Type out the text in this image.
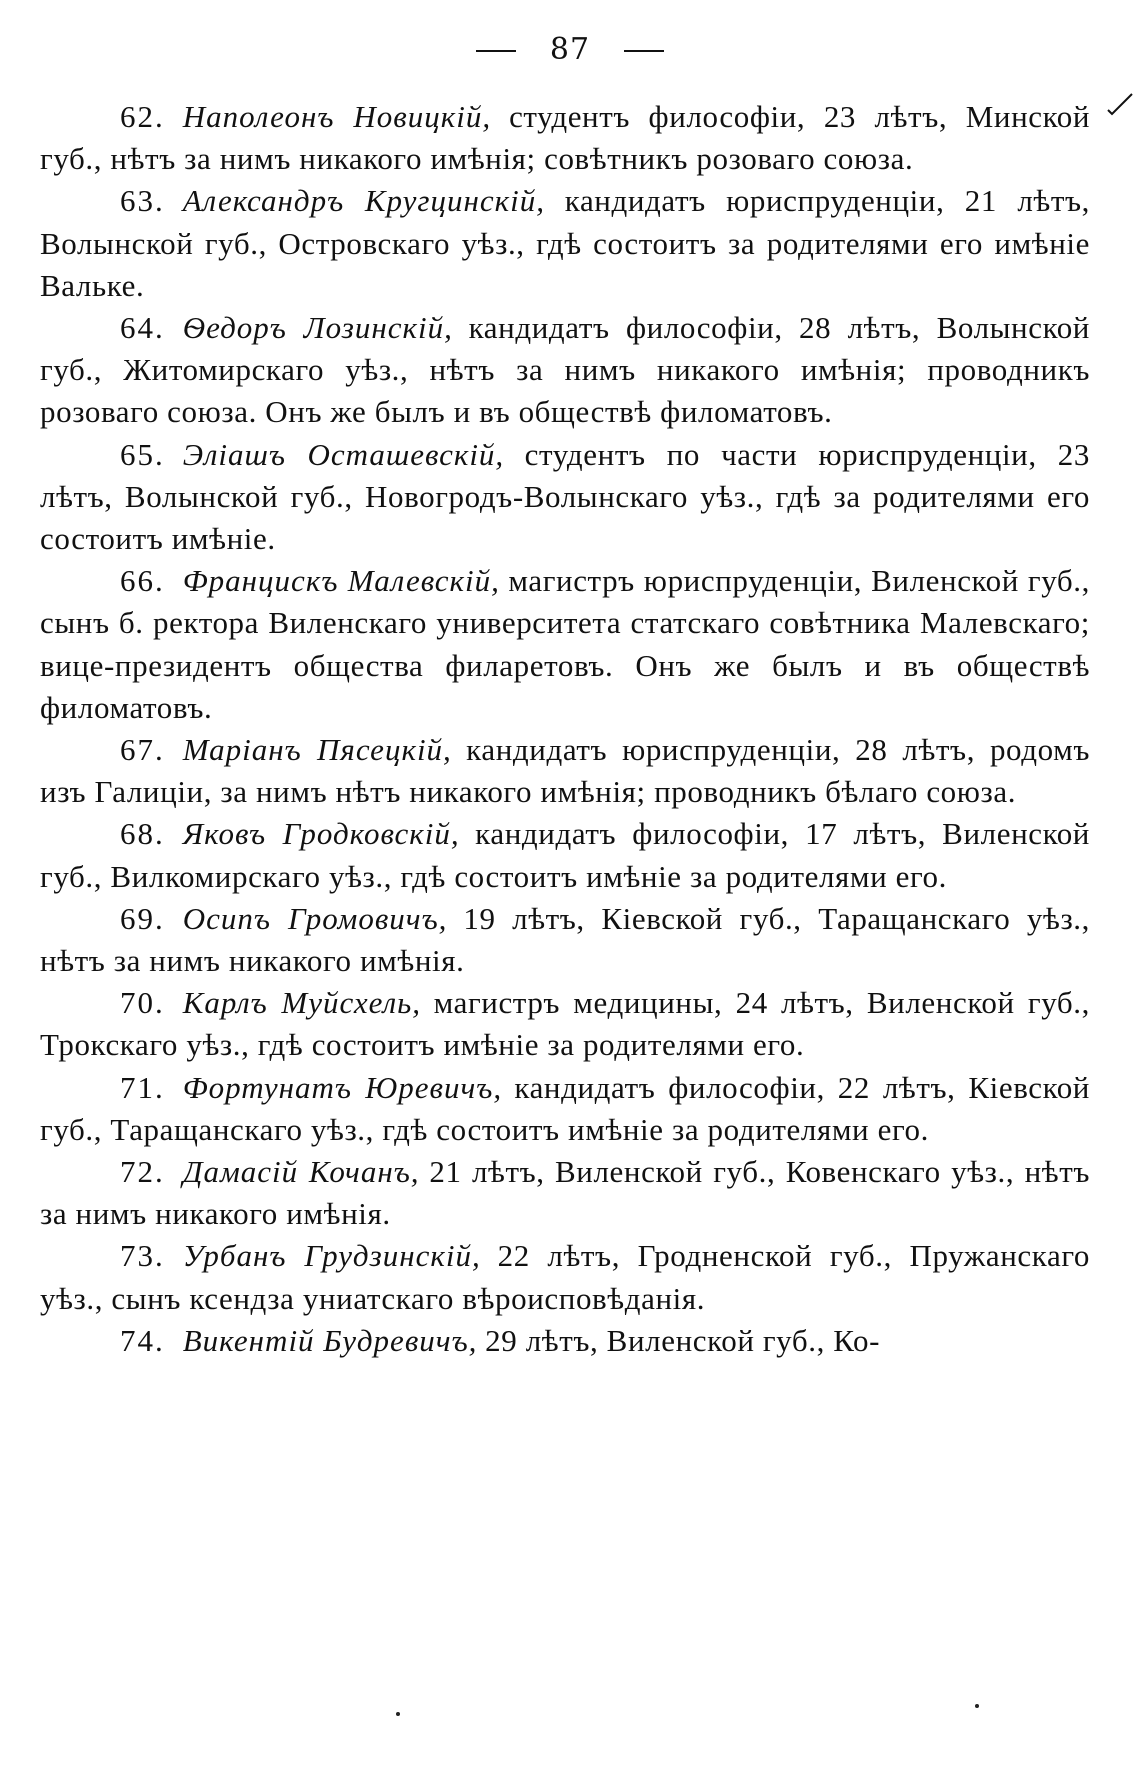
87

62. Наполеонъ Новицкій, студентъ философіи, 23 лѣтъ, Минской губ., нѣтъ за нимъ никакого имѣнія; совѣтникъ розоваго союза.

63. Александръ Кругцинскій, кандидатъ юриспруденціи, 21 лѣтъ, Волынской губ., Островскаго уѣз., гдѣ состоитъ за родителями его имѣніе Вальке.

64. Ѳедоръ Лозинскій, кандидатъ философіи, 28 лѣтъ, Волынской губ., Житомирскаго уѣз., нѣтъ за нимъ никакого имѣнія; проводникъ розоваго союза. Онъ же былъ и въ обществѣ филоматовъ.

65. Эліашъ Осташевскій, студентъ по части юриспруденціи, 23 лѣтъ, Волынской губ., Новогродъ-Волынскаго уѣз., гдѣ за родителями его состоитъ имѣніе.

66. Францискъ Малевскій, магистръ юриспруденціи, Виленской губ., сынъ б. ректора Виленскаго университета статскаго совѣтника Малевскаго; вице-президентъ общества филаретовъ. Онъ же былъ и въ обществѣ филоматовъ.

67. Маріанъ Пясецкій, кандидатъ юриспруденціи, 28 лѣтъ, родомъ изъ Галиціи, за нимъ нѣтъ никакого имѣнія; проводникъ бѣлаго союза.

68. Яковъ Гродковскій, кандидатъ философіи, 17 лѣтъ, Виленской губ., Вилкомирскаго уѣз., гдѣ состоитъ имѣніе за родителями его.

69. Осипъ Громовичъ, 19 лѣтъ, Кіевской губ., Таращанскаго уѣз., нѣтъ за нимъ никакого имѣнія.

70. Карлъ Муйсхель, магистръ медицины, 24 лѣтъ, Виленской губ., Трокскаго уѣз., гдѣ состоитъ имѣніе за родителями его.

71. Фортунатъ Юревичъ, кандидатъ философіи, 22 лѣтъ, Кіевской губ., Таращанскаго уѣз., гдѣ состоитъ имѣніе за родителями его.

72. Дамасій Кочанъ, 21 лѣтъ, Виленской губ., Ковенскаго уѣз., нѣтъ за нимъ никакого имѣнія.

73. Урбанъ Грудзинскій, 22 лѣтъ, Гродненской губ., Пружанскаго уѣз., сынъ ксендза униатскаго вѣроисповѣданія.

74. Викентій Будревичъ, 29 лѣтъ, Виленской губ., Ко-
